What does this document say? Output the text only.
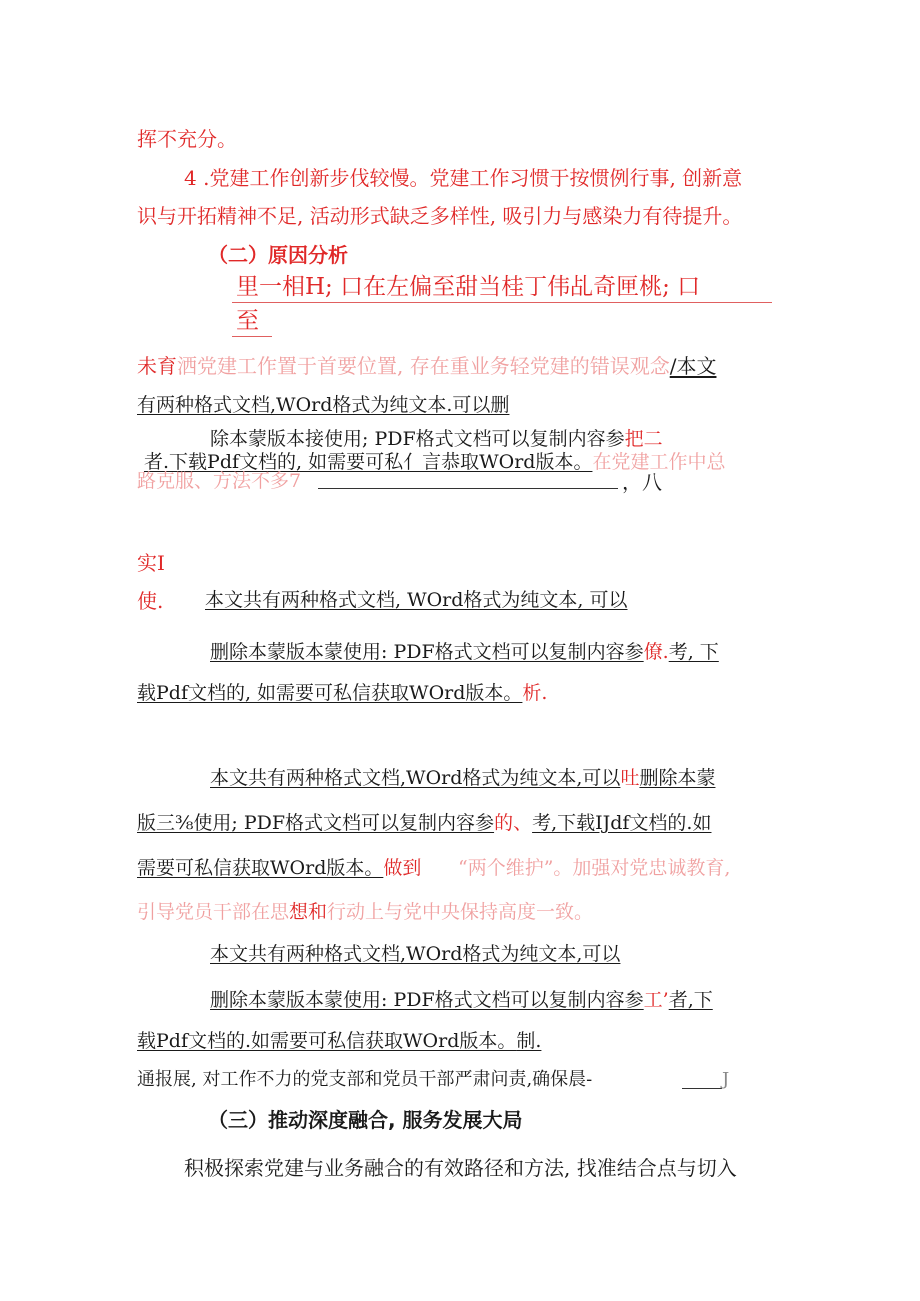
挥不充分。
4 .党建工作创新步伐较慢。党建工作习惯于按惯例行事, 创新意
识与开拓精神不足, 活动形式缺乏多样性, 吸引力与感染力有待提升。
（二）原因分析
里一相H; 口在左偏至甜当桂丁伟乩奇匣桃; 口
至
未育洒党建工作置于首要位置, 存在重业务轻党建的错误观念/本文
有两种格式文档,WOrd格式为纯文本.可以删
除本蒙版本接使用; PDF格式文档可以复制内容参把二
者.下载Pdf文档的, 如需要可私亻言恭取WOrd版本。在党建工作中总
路克服、方法不多7	，八
实I
使. 本文共有两种格式文档, WOrd格式为纯文本, 可以
删除本蒙版本蒙使用: PDF格式文档可以复制内容参僚.考, 下
载Pdf文档的, 如需要可私信获取WOrd版本。析.
本文共有两种格式文档,WOrd格式为纯文本,可以吐删除本蒙
版三⅜使用; PDF格式文档可以复制内容参的、考,下载IJdf文档的.如
需要可私信获取WOrd版本。做到 “两个维护”。加强对党忠诚教育,
引导党员干部在思想和行动上与党中央保持高度一致。
本文共有两种格式文档,WOrd格式为纯文本,可以
删除本蒙版本蒙使用: PDF格式文档可以复制内容参工’者,下
载Pdf文档的.如需要可私信获取WOrd版本。制.
通报展, 对工作不力的党支部和党员干部严肃问责,确保晨-	J
（三）推动深度融合, 服务发展大局
积极探索党建与业务融合的有效路径和方法, 找准结合点与切入
